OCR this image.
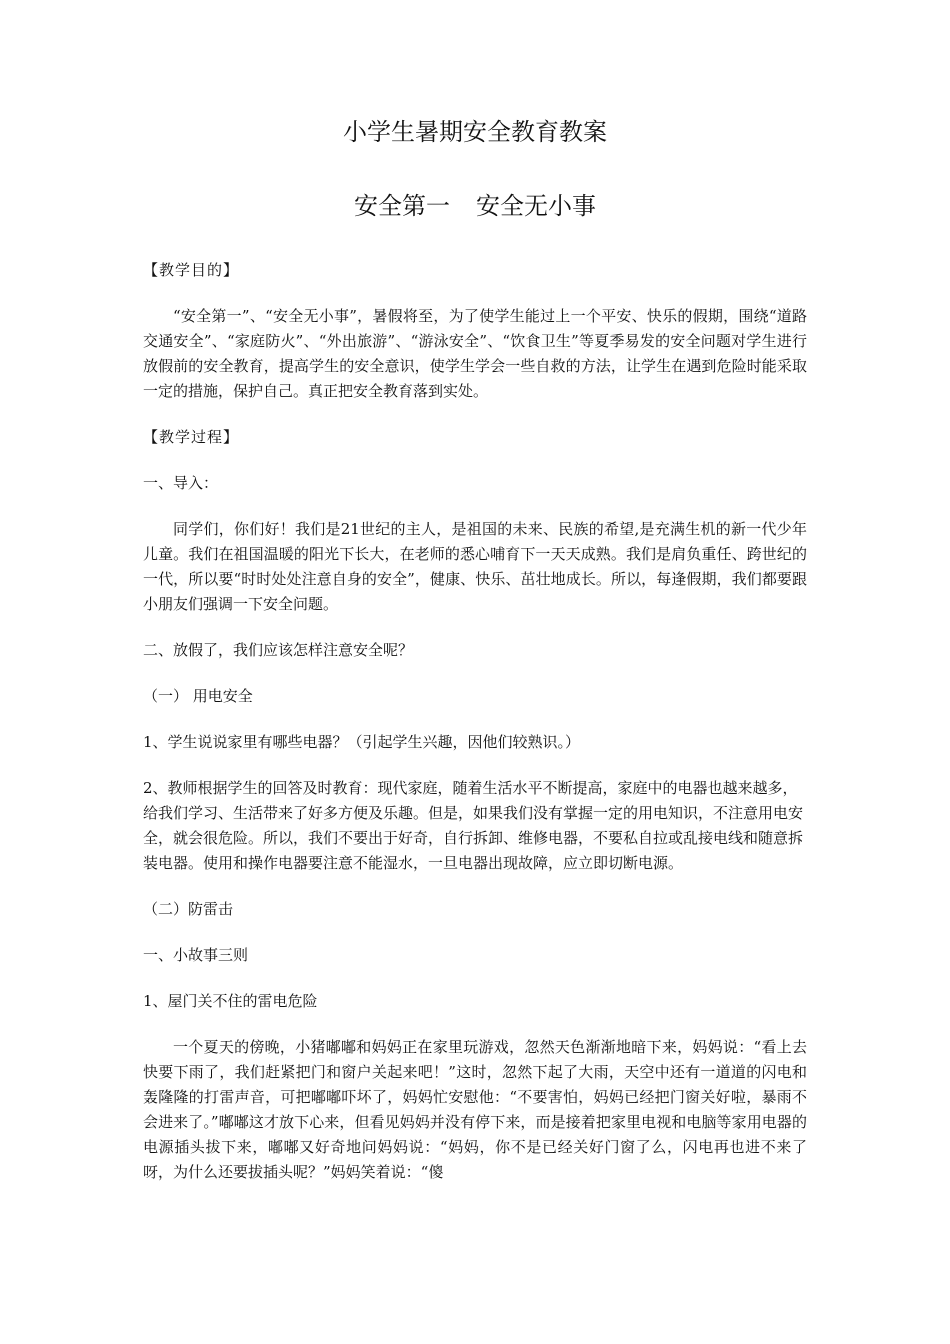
小学生暑期安全教育教案
安全第一 安全无小事

【教学目的】

“安全第一”、“安全无小事”，暑假将至，为了使学生能过上一个平安、快乐的假期，围绕“道路交通安全”、“家庭防火”、“外出旅游”、“游泳安全”、“饮食卫生”等夏季易发的安全问题对学生进行放假前的安全教育，提高学生的安全意识，使学生学会一些自救的方法，让学生在遇到危险时能采取一定的措施，保护自己。真正把安全教育落到实处。

【教学过程】

一、导入：

同学们，你们好！我们是21世纪的主人，是祖国的未来、民族的希望,是充满生机的新一代少年儿童。我们在祖国温暖的阳光下长大，在老师的悉心哺育下一天天成熟。我们是肩负重任、跨世纪的一代，所以要“时时处处注意自身的安全”，健康、快乐、茁壮地成长。所以，每逢假期，我们都要跟小朋友们强调一下安全问题。

二、放假了，我们应该怎样注意安全呢？

（一） 用电安全

1、学生说说家里有哪些电器？（引起学生兴趣，因他们较熟识。）

2、教师根据学生的回答及时教育：现代家庭，随着生活水平不断提高，家庭中的电器也越来越多，给我们学习、生活带来了好多方便及乐趣。但是，如果我们没有掌握一定的用电知识，不注意用电安全，就会很危险。所以，我们不要出于好奇，自行拆卸、维修电器，不要私自拉或乱接电线和随意拆装电器。使用和操作电器要注意不能湿水，一旦电器出现故障，应立即切断电源。

（二）防雷击

一、小故事三则

1、屋门关不住的雷电危险

一个夏天的傍晚，小猪嘟嘟和妈妈正在家里玩游戏，忽然天色渐渐地暗下来，妈妈说：“看上去快要下雨了，我们赶紧把门和窗户关起来吧！”这时，忽然下起了大雨，天空中还有一道道的闪电和轰隆隆的打雷声音，可把嘟嘟吓坏了，妈妈忙安慰他：“不要害怕，妈妈已经把门窗关好啦，暴雨不会进来了。”嘟嘟这才放下心来，但看见妈妈并没有停下来，而是接着把家里电视和电脑等家用电器的电源插头拔下来，嘟嘟又好奇地问妈妈说：“妈妈，你不是已经关好门窗了么，闪电再也进不来了呀，为什么还要拔插头呢？”妈妈笑着说：“傻
